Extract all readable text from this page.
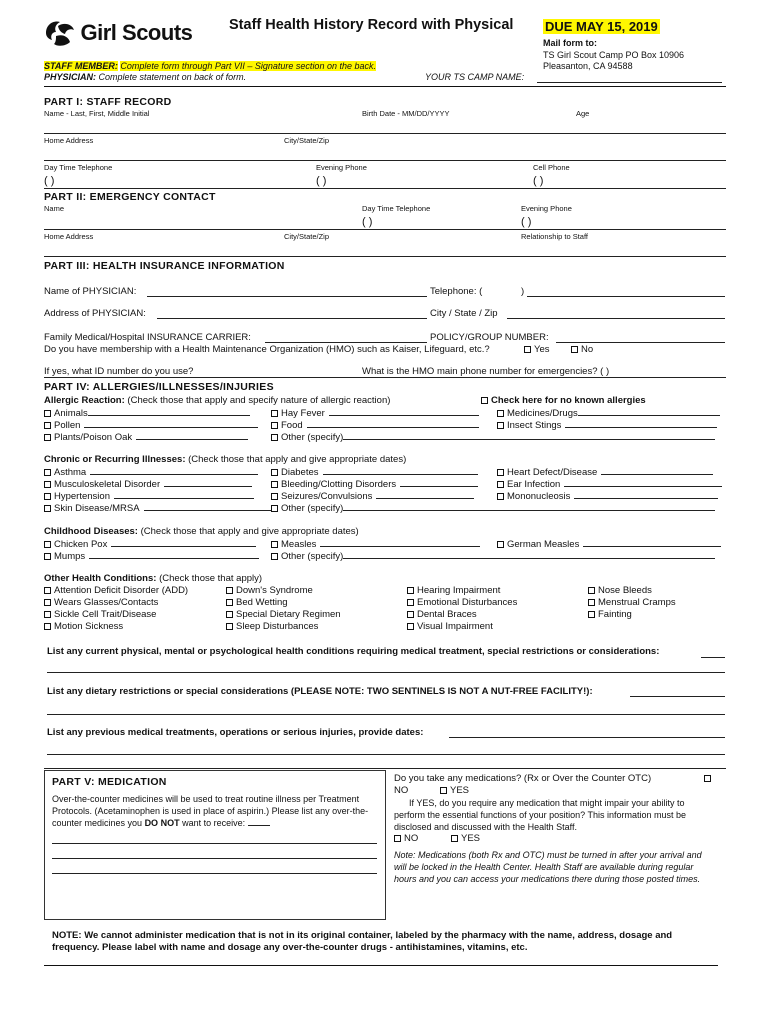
Girl Scouts	Staff Health History Record with Physical DUE MAY 15, 2019
Mail form to:
TS Girl Scout Camp PO Box 10906
Pleasanton, CA 94588
STAFF MEMBER: Complete form through Part VII – Signature section on the back.
PHYSICIAN: Complete statement on back of form.	YOUR TS CAMP NAME:
PART I: STAFF RECORD
Name - Last, First, Middle Initial	Birth Date - MM/DD/YYYY	Age
Home Address	City/State/Zip
Day Time Telephone	Evening Phone	Cell Phone
( )	( )	( )
PART II: EMERGENCY CONTACT
Name	Day Time Telephone	Evening Phone
( )	( )
Home Address	City/State/Zip	Relationship to Staff
PART III: HEALTH INSURANCE INFORMATION
Name of PHYSICIAN:	Telephone: (	)
Address of PHYSICIAN:	City / State / Zip
Family Medical/Hospital INSURANCE CARRIER:	POLICY/GROUP NUMBER:
Do you have membership with a Health Maintenance Organization (HMO) such as Kaiser, Lifeguard, etc.?	Yes	No
If yes, what ID number do you use?	What is the HMO main phone number for emergencies? ( )
PART IV: ALLERGIES/ILLNESSES/INJURIES
Allergic Reaction: (Check those that apply and specify nature of allergic reaction)	Check here for no known allergies
Animals	Hay Fever	Medicines/Drugs
Pollen	Food	Insect Stings
Plants/Poison Oak	Other (specify)
Chronic or Recurring Illnesses: (Check those that apply and give appropriate dates)
Asthma	Diabetes	Heart Defect/Disease
Musculoskeletal Disorder	Bleeding/Clotting Disorders	Ear Infection
Hypertension	Seizures/Convulsions	Mononucleosis
Skin Disease/MRSA	Other (specify)
Childhood Diseases: (Check those that apply and give appropriate dates)
Chicken Pox	Measles	German Measles
Mumps	Other (specify)
Other Health Conditions: (Check those that apply)
Attention Deficit Disorder (ADD)	Down's Syndrome	Hearing Impairment	Nose Bleeds
Wears Glasses/Contacts	Bed Wetting	Emotional Disturbances	Menstrual Cramps
Sickle Cell Trait/Disease	Special Dietary Regimen	Dental Braces	Fainting
Motion Sickness	Sleep Disturbances	Visual Impairment
List any current physical, mental or psychological health conditions requiring medical treatment, special restrictions or considerations:
List any dietary restrictions or special considerations (PLEASE NOTE: TWO SENTINELS IS NOT A NUT-FREE FACILITY!):
List any previous medical treatments, operations or serious injuries, provide dates:
PART V: MEDICATION
Over-the-counter medicines will be used to treat routine illness per Treatment Protocols. (Acetaminophen is used in place of aspirin.) Please list any over-the-counter medicines you DO NOT want to receive:
Do you take any medications? (Rx or Over the Counter OTC)
NO	YES
If YES, do you require any medication that might impair your ability to perform the essential functions of your position? This information must be disclosed and discussed with the Health Staff.
NO	YES
Note: Medications (both Rx and OTC) must be turned in after your arrival and will be locked in the Health Center. Health Staff are available during regular hours and you can access your medications there during those posted times.
NOTE: We cannot administer medication that is not in its original container, labeled by the pharmacy with the name, address, dosage and frequency. Please label with name and dosage any over-the-counter drugs - antihistamines, vitamins, etc.
